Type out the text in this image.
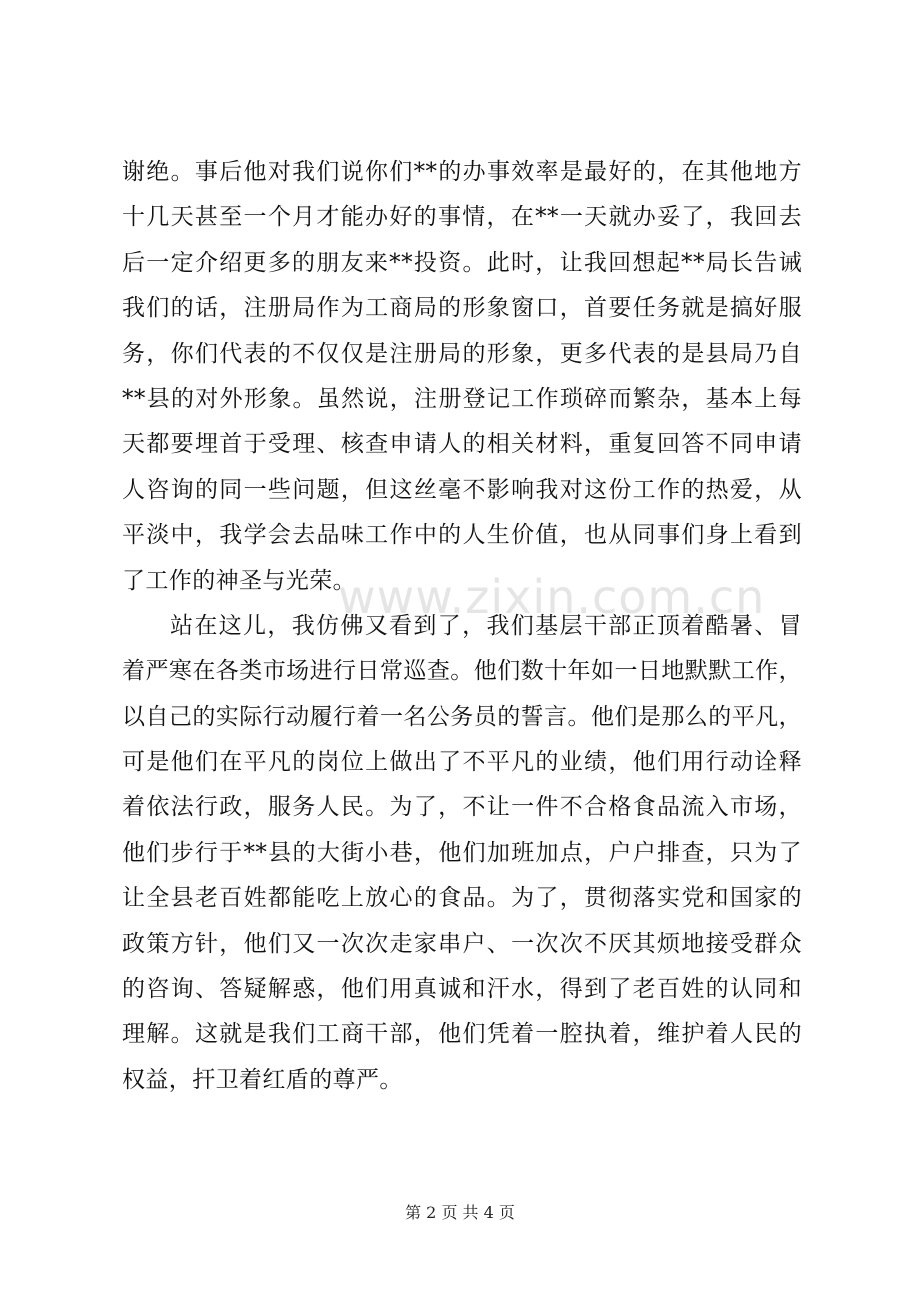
谢绝。事后他对我们说你们**的办事效率是最好的，在其他地方
十几天甚至一个月才能办好的事情，在**一天就办妥了，我回去
后一定介绍更多的朋友来**投资。此时，让我回想起**局长告诫
我们的话，注册局作为工商局的形象窗口，首要任务就是搞好服
务，你们代表的不仅仅是注册局的形象，更多代表的是县局乃自
**县的对外形象。虽然说，注册登记工作琐碎而繁杂，基本上每
天都要埋首于受理、核查申请人的相关材料，重复回答不同申请
人咨询的同一些问题，但这丝毫不影响我对这份工作的热爱，从
平淡中，我学会去品味工作中的人生价值，也从同事们身上看到
了工作的神圣与光荣。
站在这儿，我仿佛又看到了，我们基层干部正顶着酷暑、冒
着严寒在各类市场进行日常巡查。他们数十年如一日地默默工作，
以自己的实际行动履行着一名公务员的誓言。他们是那么的平凡，
可是他们在平凡的岗位上做出了不平凡的业绩，他们用行动诠释
着依法行政，服务人民。为了，不让一件不合格食品流入市场，
他们步行于**县的大街小巷，他们加班加点，户户排查，只为了
让全县老百姓都能吃上放心的食品。为了，贯彻落实党和国家的
政策方针，他们又一次次走家串户、一次次不厌其烦地接受群众
的咨询、答疑解惑，他们用真诚和汗水，得到了老百姓的认同和
理解。这就是我们工商干部，他们凭着一腔执着，维护着人民的
权益，扞卫着红盾的尊严。
www.zixin.com.cn
第 2 页 共 4 页
